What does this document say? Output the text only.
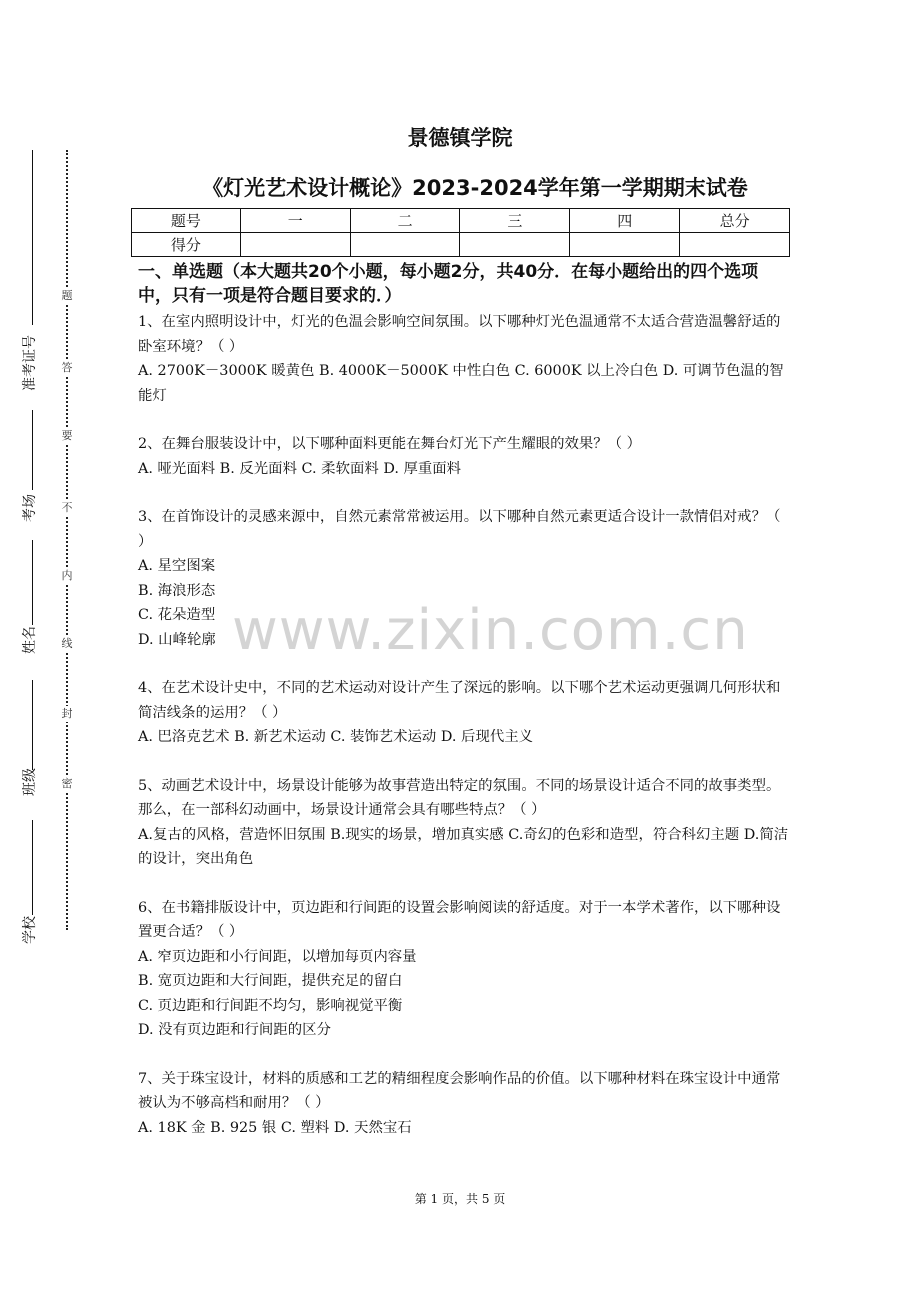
准考证号
考场
姓名
班级
学校
题
答
要
不
内
线
封
密
景德镇学院
《灯光艺术设计概论》2023-2024学年第一学期期末试卷
题号	一	二	三	四	总分
得分					

一、单选题（本大题共20个小题，每小题2分，共40分．在每小题给出的四个选项中，只有一项是符合题目要求的．）

1、在室内照明设计中，灯光的色温会影响空间氛围。以下哪种灯光色温通常不太适合营造温馨舒适的卧室环境？（ ）

A. 2700K－3000K 暖黄色 B. 4000K－5000K 中性白色 C. 6000K 以上冷白色 D. 可调节色温的智能灯

2、在舞台服装设计中，以下哪种面料更能在舞台灯光下产生耀眼的效果？（ ）

A. 哑光面料 B. 反光面料 C. 柔软面料 D. 厚重面料

3、在首饰设计的灵感来源中，自然元素常常被运用。以下哪种自然元素更适合设计一款情侣对戒？（ ）

A. 星空图案

B. 海浪形态

C. 花朵造型

D. 山峰轮廓

4、在艺术设计史中，不同的艺术运动对设计产生了深远的影响。以下哪个艺术运动更强调几何形状和简洁线条的运用？（ ）

A. 巴洛克艺术 B. 新艺术运动 C. 装饰艺术运动 D. 后现代主义

5、动画艺术设计中，场景设计能够为故事营造出特定的氛围。不同的场景设计适合不同的故事类型。那么，在一部科幻动画中，场景设计通常会具有哪些特点？（ ）

A.复古的风格，营造怀旧氛围 B.现实的场景，增加真实感 C.奇幻的色彩和造型，符合科幻主题 D.简洁的设计，突出角色

6、在书籍排版设计中，页边距和行间距的设置会影响阅读的舒适度。对于一本学术著作，以下哪种设置更合适？（ ）

A. 窄页边距和小行间距，以增加每页内容量

B. 宽页边距和大行间距，提供充足的留白

C. 页边距和行间距不均匀，影响视觉平衡

D. 没有页边距和行间距的区分

7、关于珠宝设计，材料的质感和工艺的精细程度会影响作品的价值。以下哪种材料在珠宝设计中通常被认为不够高档和耐用？（ ）

A. 18K 金 B. 925 银 C. 塑料 D. 天然宝石

www.zixin.com.cn
第 1 页，共 5 页
